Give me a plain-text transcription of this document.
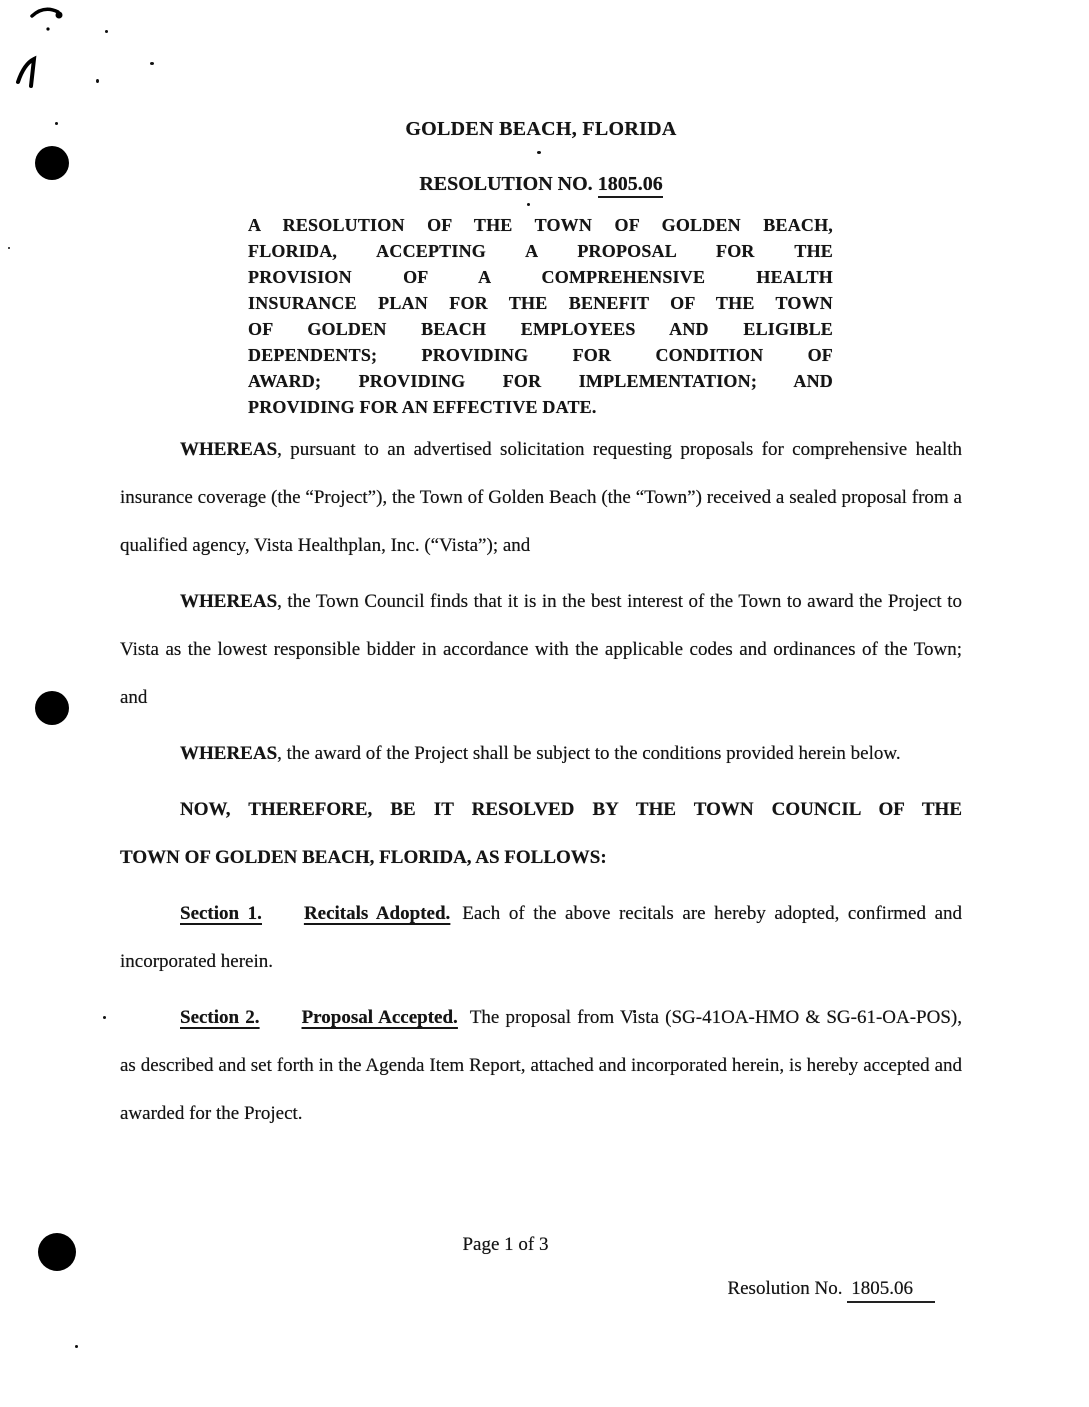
GOLDEN BEACH, FLORIDA
RESOLUTION NO. 1805.06
A RESOLUTION OF THE TOWN OF GOLDEN BEACH,
FLORIDA, ACCEPTING A PROPOSAL FOR THE
PROVISION OF A COMPREHENSIVE HEALTH
INSURANCE PLAN FOR THE BENEFIT OF THE TOWN
OF GOLDEN BEACH EMPLOYEES AND ELIGIBLE
DEPENDENTS; PROVIDING FOR CONDITION OF
AWARD; PROVIDING FOR IMPLEMENTATION; AND
PROVIDING FOR AN EFFECTIVE DATE.

WHEREAS, pursuant to an advertised solicitation requesting proposals for comprehensive health insurance coverage (the “Project”), the Town of Golden Beach (the “Town”) received a sealed proposal from a qualified agency, Vista Healthplan, Inc. (“Vista”); and

WHEREAS, the Town Council finds that it is in the best interest of the Town to award the Project to Vista as the lowest responsible bidder in accordance with the applicable codes and ordinances of the Town; and

WHEREAS, the award of the Project shall be subject to the conditions provided herein below.

NOW, THEREFORE, BE IT RESOLVED BY THE TOWN COUNCIL OF THE
TOWN OF GOLDEN BEACH, FLORIDA, AS FOLLOWS:

Section 1. Recitals Adopted. Each of the above recitals are hereby adopted, confirmed and incorporated herein.

Section 2. Proposal Accepted. The proposal from Vista (SG-41OA-HMO & SG-61-OA-POS), as described and set forth in the Agenda Item Report, attached and incorporated herein, is hereby accepted and awarded for the Project.

Page 1 of 3
Resolution No. 1805.06
